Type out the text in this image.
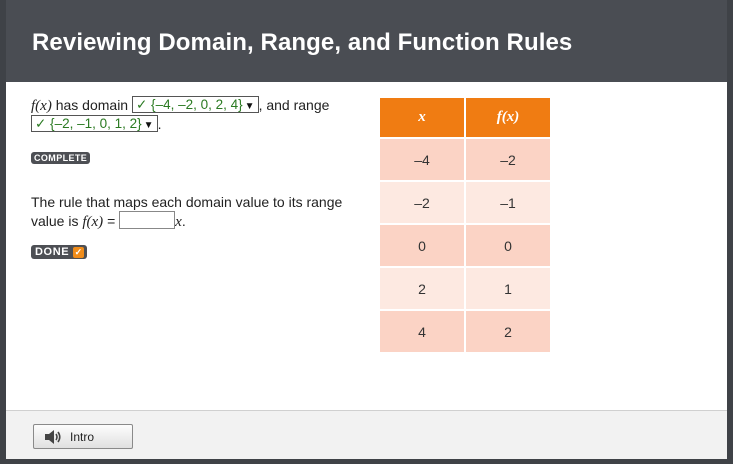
Reviewing Domain, Range, and Function Rules
f(x) has domain ✓ {–4, –2, 0, 2, 4} ▼ , and range
✓ {–2, –1, 0, 1, 2} ▼ .
COMPLETE
The rule that maps each domain value to its range value is f(x) =	x.
DONE ✓
x	f(x)
–4	–2
–2	–1
0	0
2	1
4	2
Intro
